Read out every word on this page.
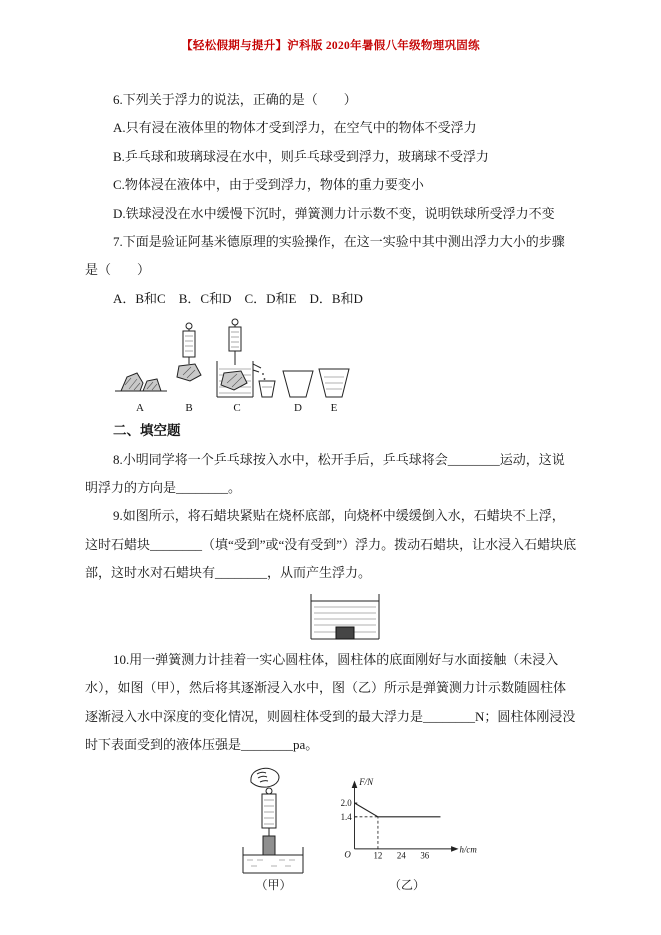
【轻松假期与提升】沪科版 2020年暑假八年级物理巩固练

6.下列关于浮力的说法，正确的是（　　）

A.只有浸在液体里的物体才受到浮力，在空气中的物体不受浮力

B.乒乓球和玻璃球浸在水中，则乒乓球受到浮力，玻璃球不受浮力

C.物体浸在液体中，由于受到浮力，物体的重力要变小

D.铁球浸没在水中缓慢下沉时，弹簧测力计示数不变，说明铁球所受浮力不变

7.下面是验证阿基米德原理的实验操作，在这一实验中其中测出浮力大小的步骤是（　　）

A．B和C　B．C和D　C．D和E　D．B和D

A	B	C	D	E

二、填空题

8.小明同学将一个乒乓球按入水中，松开手后，乒乓球将会________运动，这说明浮力的方向是________。

9.如图所示，将石蜡块紧贴在烧杯底部，向烧杯中缓缓倒入水，石蜡块不上浮，这时石蜡块________（填“受到”或“没有受到”）浮力。拨动石蜡块，让水浸入石蜡块底部，这时水对石蜡块有________，从而产生浮力。

10.用一弹簧测力计挂着一实心圆柱体，圆柱体的底面刚好与水面接触（未浸入水），如图（甲），然后将其逐渐浸入水中，图（乙）所示是弹簧测力计示数随圆柱体逐渐浸入水中深度的变化情况，则圆柱体受到的最大浮力是________N；圆柱体刚浸没时下表面受到的液体压强是________pa。

（甲）
F/N
h/cm
O
1.4
2.0
12 24 36
（乙）
